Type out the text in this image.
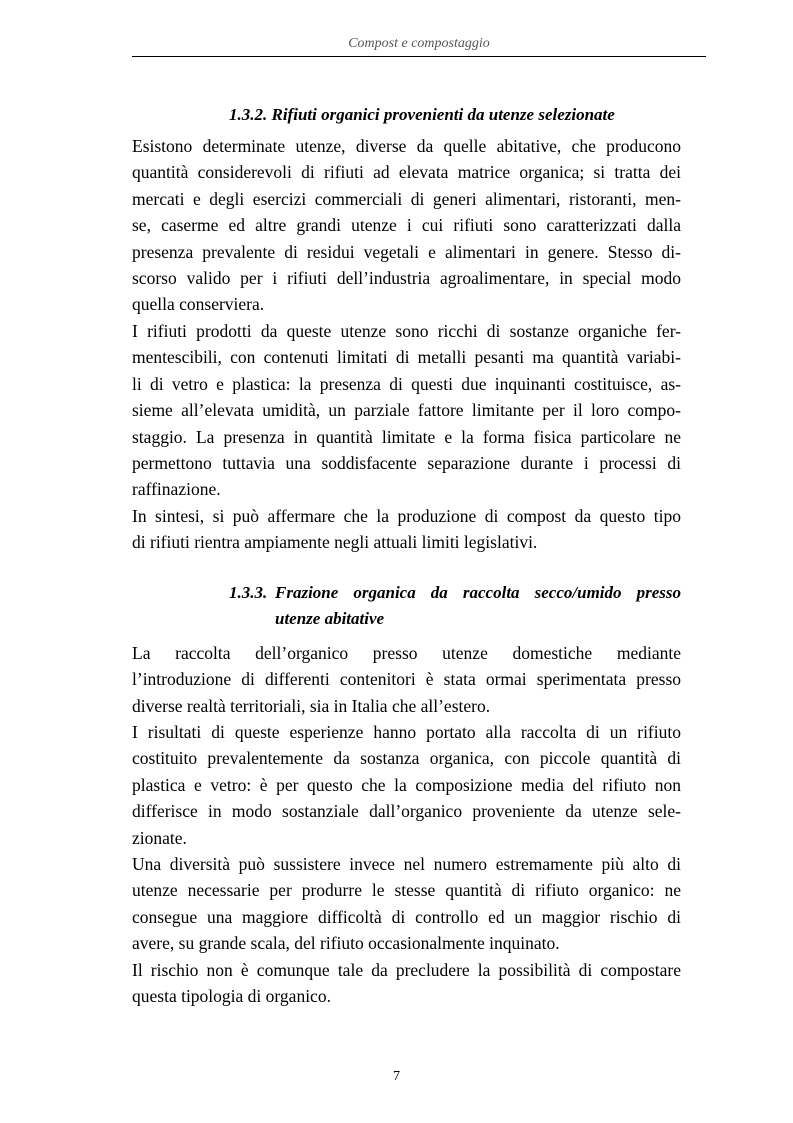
Compost e compostaggio
1.3.2. Rifiuti organici provenienti da utenze selezionate
Esistono determinate utenze, diverse da quelle abitative, che producono
quantità considerevoli di rifiuti ad elevata matrice organica; si tratta dei
mercati e degli esercizi commerciali di generi alimentari, ristoranti, men-
se, caserme ed altre grandi utenze i cui rifiuti sono caratterizzati dalla
presenza prevalente di residui vegetali e alimentari in genere. Stesso di-
scorso valido per i rifiuti dell’industria agroalimentare, in special modo
quella conserviera.
I rifiuti prodotti da queste utenze sono ricchi di sostanze organiche fer-
mentescibili, con contenuti limitati di metalli pesanti ma quantità variabi-
li di vetro e plastica: la presenza di questi due inquinanti costituisce, as-
sieme all’elevata umidità, un parziale fattore limitante per il loro compo-
staggio. La presenza in quantità limitate e la forma fisica particolare ne
permettono tuttavia una soddisfacente separazione durante i processi di
raffinazione.
In sintesi, si può affermare che la produzione di compost da questo tipo
di rifiuti rientra ampiamente negli attuali limiti legislativi.
1.3.3. Frazione organica da raccolta secco/umido presso
utenze abitative
La raccolta dell’organico presso utenze domestiche mediante
l’introduzione di differenti contenitori è stata ormai sperimentata presso
diverse realtà territoriali, sia in Italia che all’estero.
I risultati di queste esperienze hanno portato alla raccolta di un rifiuto
costituito prevalentemente da sostanza organica, con piccole quantità di
plastica e vetro: è per questo che la composizione media del rifiuto non
differisce in modo sostanziale dall’organico proveniente da utenze sele-
zionate.
Una diversità può sussistere invece nel numero estremamente più alto di
utenze necessarie per produrre le stesse quantità di rifiuto organico: ne
consegue una maggiore difficoltà di controllo ed un maggior rischio di
avere, su grande scala, del rifiuto occasionalmente inquinato.
Il rischio non è comunque tale da precludere la possibilità di compostare
questa tipologia di organico.
7
